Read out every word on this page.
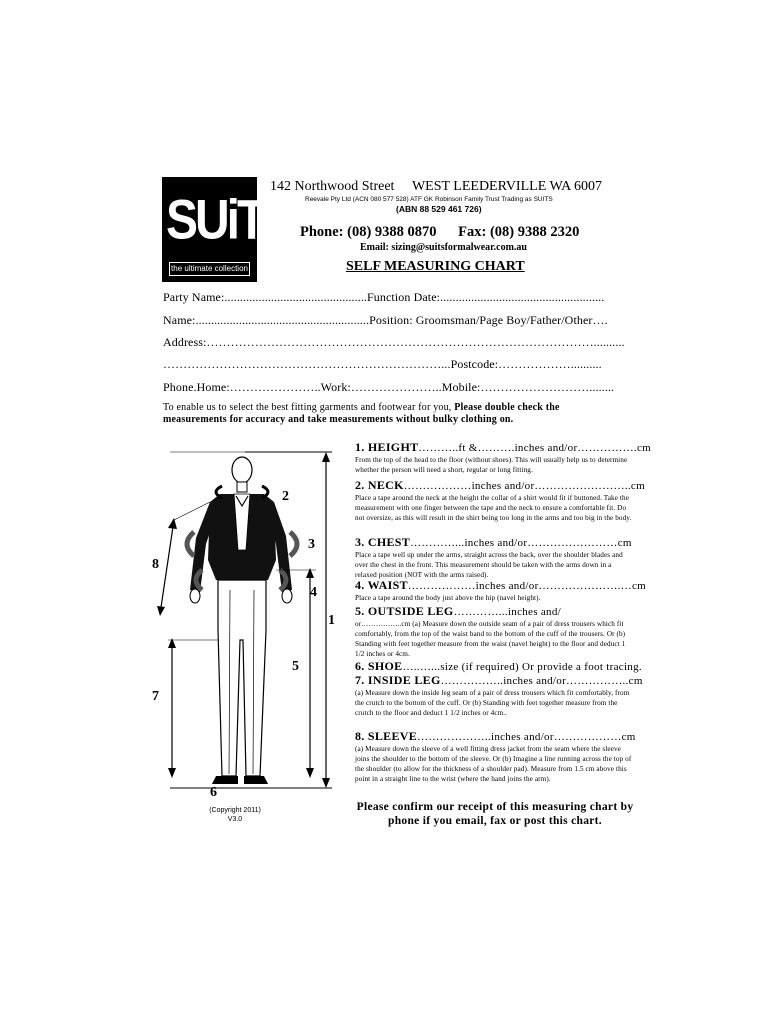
SUiTS
the ultimate collection
142 Northwood Street WEST LEEDERVILLE WA 6007
Reevale Pty Ltd (ACN 080 577 528) ATF GK Robinson Family Trust Trading as SUITS
(ABN 88 529 461 726)
Phone: (08) 9388 0870 Fax: (08) 9388 2320
Email: sizing@suitsformalwear.com.au
SELF MEASURING CHART
Party Name:..............................................Function Date:.....................................................
Name:........................................................Position: Groomsman/Page Boy/Father/Other….
Address:……………………………………………………………………………………..........
……………………………………………………………...Postcode:………………..........
Phone.Home:…………………..Work:…………………..Mobile:………………………........
To enable us to select the best fitting garments and footwear for you, Please double check the measurements for accuracy and take measurements without bulky clothing on.
1
2
3
4
5
6
7
8
1. HEIGHT………..ft &……….inches and/or…………….cm
From the top of the head to the floor (without shoes). This will usually help us to determine whether the person will need a short, regular or long fitting.
2. NECK………………inches and/or……………………..cm
Place a tape around the neck at the height the collar of a shirt would fit if buttoned. Take the measurement with one finger between the tape and the neck to ensure a comfortable fit. Do not oversize, as this will result in the shirt being too long in the arms and too big in the body.
3. CHEST…………...inches and/or……………………cm
Place a tape well up under the arms, straight across the back, over the shoulder blades and over the chest in the front. This measurement should be taken with the arms down in a relaxed position (NOT with the arms raised).
4. WAIST………………inches and/or………………….…cm
Place a tape around the body just above the hip (navel height).
5. OUTSIDE LEG…………...inches and/
or……………..cm (a) Measure down the outside seam of a pair of dress trousers which fit comfortably, from the top of the waist band to the bottom of the cuff of the trousers. Or (b) Standing with feet together measure from the waist (navel height) to the floor and deduct 1 1/2 inches or 4cm.
6. SHOE…..…...size (if required) Or provide a foot tracing.
7. INSIDE LEG……………..inches and/or……………..cm
(a) Measure down the inside leg seam of a pair of dress trousers which fit comfortably, from the crutch to the bottom of the cuff. Or (b) Standing with feet together measure from the crutch to the floor and deduct 1 1/2 inches or 4cm..
8. SLEEVE………………..inches and/or………………cm
(a) Measure down the sleeve of a well fitting dress jacket from the seam where the sleeve joins the shoulder to the bottom of the sleeve. Or (b) Imagine a line running across the top of the shoulder (to allow for the thickness of a shoulder pad). Measure from 1.5 cm above this point in a straight line to the wrist (where the hand joins the arm).
Please confirm our receipt of this measuring chart by phone if you email, fax or post this chart.
(Copyright 2011)
V3.0
